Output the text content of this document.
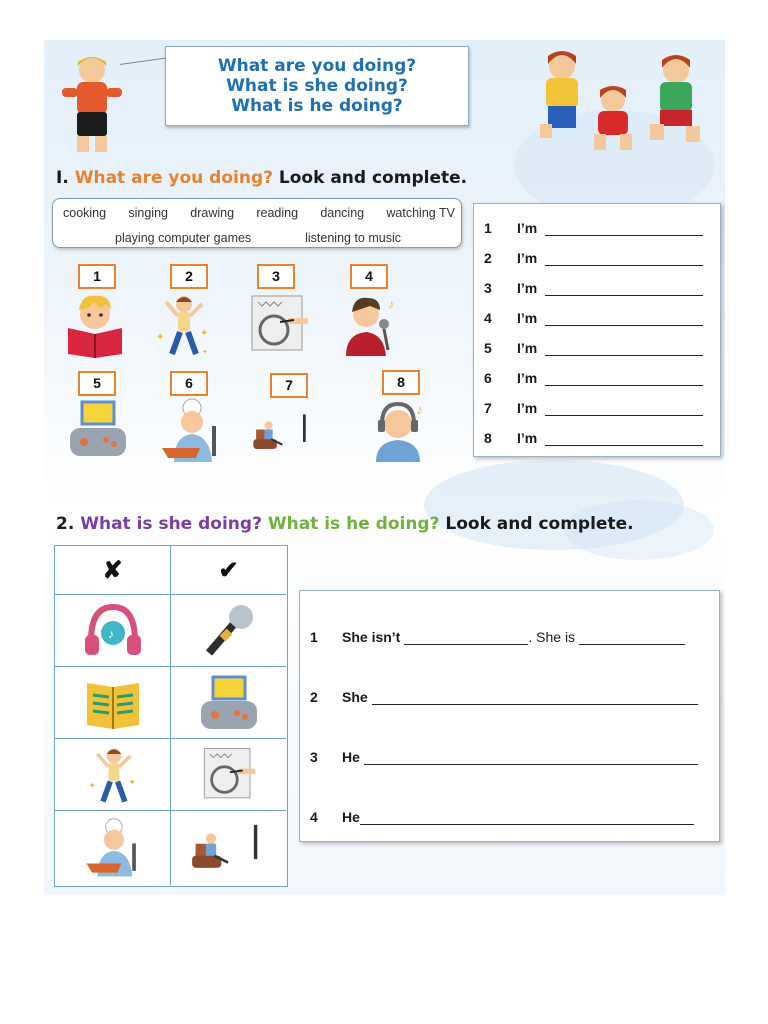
What are you doing?
What is she doing?
What is he doing?
I. What are you doing? Look and complete.
cooking singing drawing reading dancing watching TV
playing computer games	listening to music
1	2	3	4
5	6	7	8
✦	✦
✦
♪
♪
1	I’m
2	I’m
3	I’m
4	I’m
5	I’m
6	I’m
7	I’m
8	I’m
2. What is she doing? What is he doing? Look and complete.
✘	✔
♪
✦	✦
1	She isn’t	. She is
2	She
3	He
4	He
